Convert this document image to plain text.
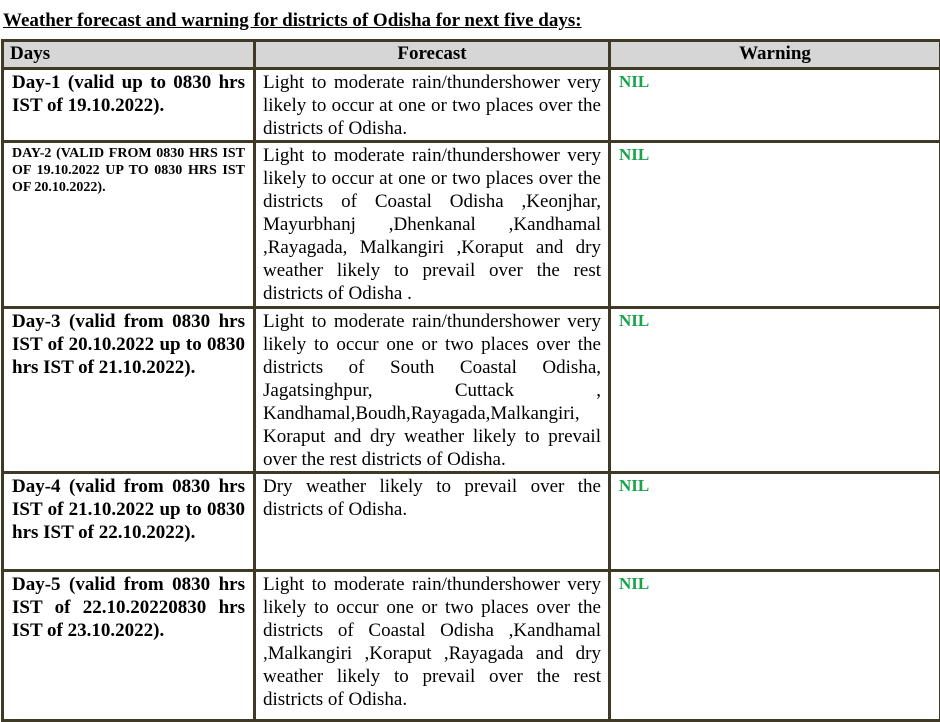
Weather forecast and warning for districts of Odisha for next five days:
Days	Forecast	Warning
Day-1 (valid up to 0830 hrs IST of 19.10.2022).	Light to moderate rain/thundershower very likely to occur at one or two places over the districts of Odisha.	NIL
DAY-2 (VALID FROM 0830 HRS IST OF 19.10.2022 UP TO 0830 HRS IST OF 20.10.2022).	Light to moderate rain/thundershower very likely to occur at one or two places over the districts of Coastal Odisha ,Keonjhar, Mayurbhanj ,Dhenkanal ,Kandhamal ,Rayagada, Malkangiri ,Koraput and dry weather likely to prevail over the rest districts of Odisha .	NIL
Day-3 (valid from 0830 hrs IST of 20.10.2022 up to 0830 hrs IST of 21.10.2022).	Light to moderate rain/thundershower very likely to occur one or two places over the districts of South Coastal Odisha, Jagatsinghpur, Cuttack , Kandhamal,Boudh,Rayagada,Malkangiri, Koraput and dry weather likely to prevail over the rest districts of Odisha.	NIL
Day-4 (valid from 0830 hrs IST of 21.10.2022 up to 0830 hrs IST of 22.10.2022).	Dry weather likely to prevail over the districts of Odisha.	NIL
Day-5 (valid from 0830 hrs IST of 22.10.20220830 hrs IST of 23.10.2022).	Light to moderate rain/thundershower very likely to occur one or two places over the districts of Coastal Odisha ,Kandhamal ,Malkangiri ,Koraput ,Rayagada and dry weather likely to prevail over the rest districts of Odisha.	NIL
